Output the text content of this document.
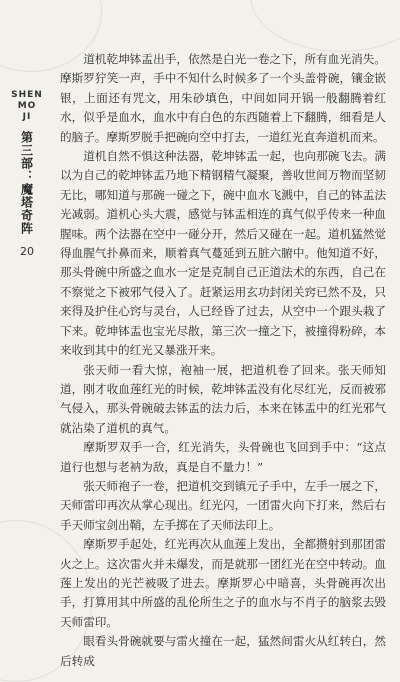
SHEN
MO
JI
第三部：魔塔奇阵
20

道机乾坤钵盂出手，依然是白光一卷之下，所有血光消失。摩斯罗狞笑一声，手中不知什么时候多了一个头盖骨碗，镶金嵌银，上面还有咒文，用朱砂填色，中间如同开锅一般翻腾着红水，似乎是血水，血水中有白色的东西随着上下翻腾，细看是人的脑子。摩斯罗脱手把碗向空中打去，一道红光直奔道机而来。

道机自然不惧这种法器，乾坤钵盂一起，也向那碗飞去。满以为自己的乾坤钵盂乃地下精钢精气凝聚，善收世间万物而坚韧无比，哪知道与那碗一碰之下，碗中血水飞溅中，自己的钵盂法光减弱。道机心头大震，感觉与钵盂相连的真气似乎传来一种血腥味。两个法器在空中一碰分开，然后又碰在一起。道机猛然觉得血腥气扑鼻而来，顺着真气蔓延到五脏六腑中。他知道不好，那头骨碗中所盛之血水一定是克制自己正道法术的东西，自己在不察觉之下被邪气侵入了。赶紧运用玄功封闭关窍已然不及，只来得及护住心窍与灵台，人已经昏了过去，从空中一个跟头栽了下来。乾坤钵盂也宝光尽散，第三次一撞之下，被撞得粉碎，本来收到其中的红光又暴涨开来。

张天师一看大惊，袍袖一展，把道机卷了回来。张天师知道，刚才收血莲红光的时候，乾坤钵盂没有化尽红光，反而被邪气侵入，那头骨碗破去钵盂的法力后，本来在钵盂中的红光邪气就沾染了道机的真气。

摩斯罗双手一合，红光消失，头骨碗也飞回到手中：“这点道行也想与老衲为敌，真是自不量力！”

张天师袍子一卷，把道机交到镇元子手中，左手一展之下，天师雷印再次从掌心现出。红光闪，一团雷火向下打来，然后右手天师宝剑出鞘，左手掷在了天师法印上。

摩斯罗手起处，红光再次从血莲上发出，全都攒射到那团雷火之上。这次雷火并未爆发，而是就那一团红光在空中转动。血莲上发出的光芒被吸了进去。摩斯罗心中暗喜，头骨碗再次出手，打算用其中所盛的乱伦所生之子的血水与不肖子的脑浆去毁天师雷印。

眼看头骨碗就要与雷火撞在一起，猛然间雷火从红转白，然后转成
